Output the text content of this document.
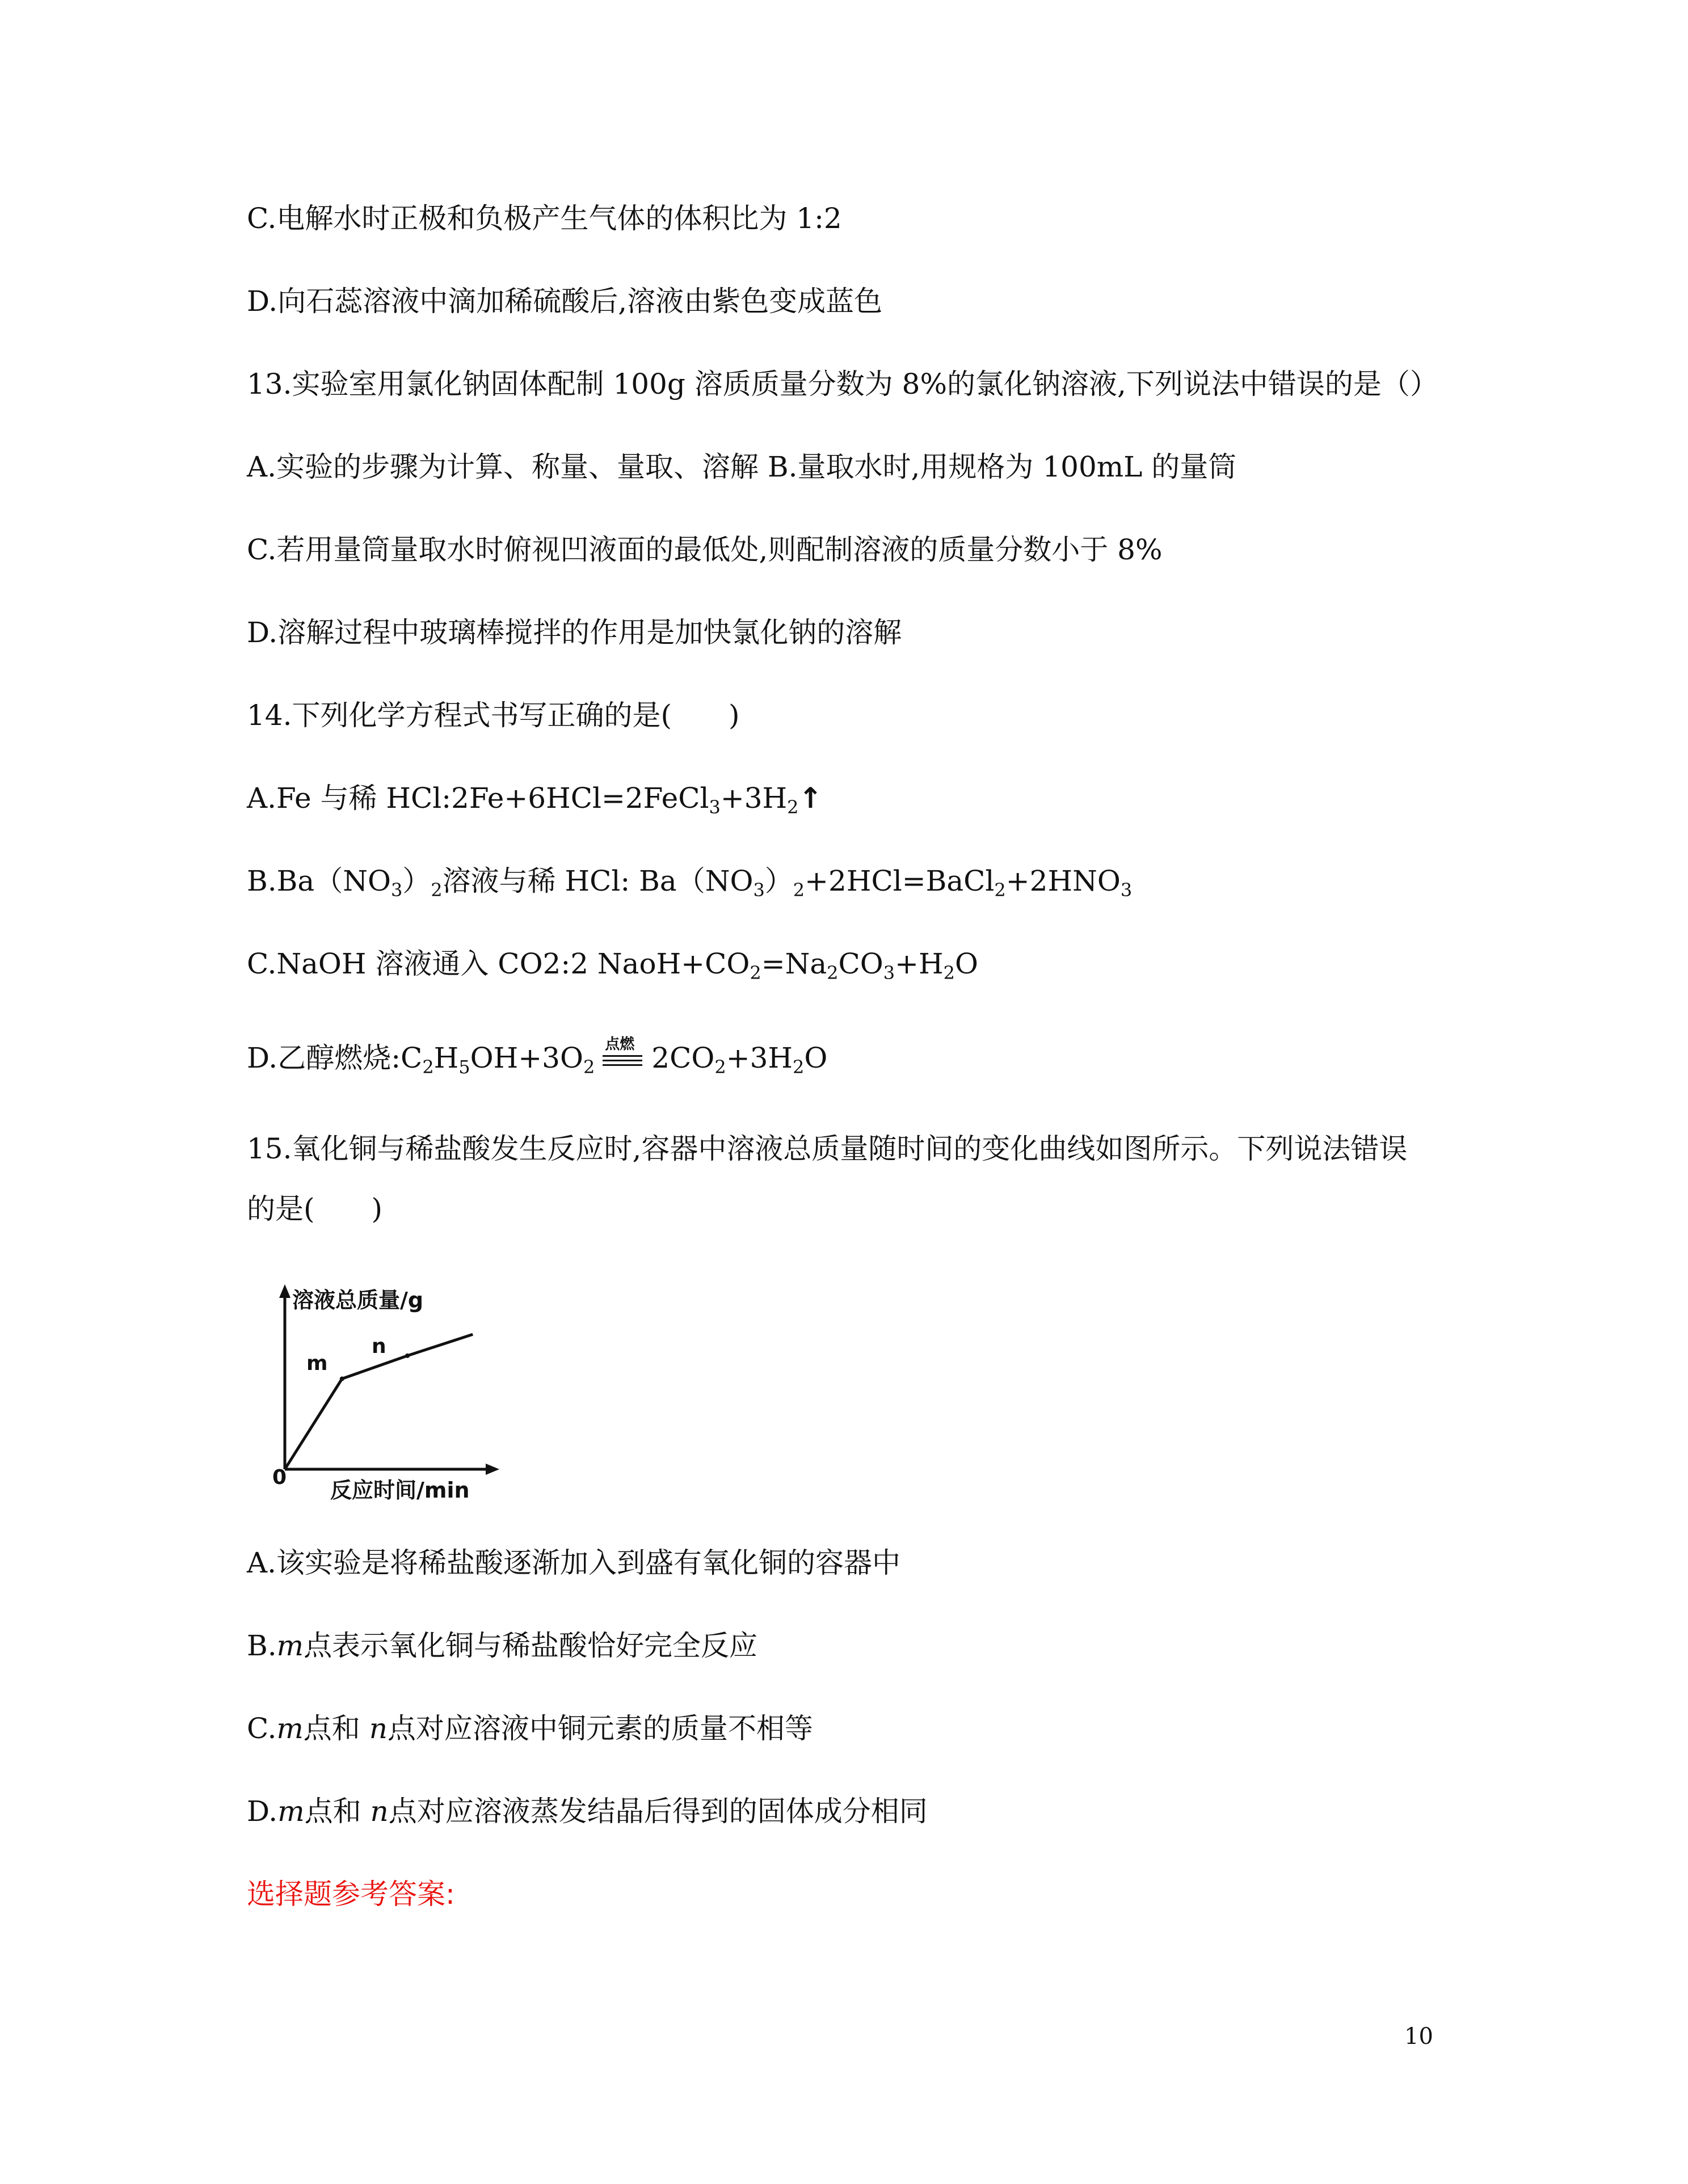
C.电解水时正极和负极产生气体的体积比为 1:2
D.向石蕊溶液中滴加稀硫酸后,溶液由紫色变成蓝色
13.实验室用氯化钠固体配制 100g 溶质质量分数为 8%的氯化钠溶液,下列说法中错误的是（）
A.实验的步骤为计算、称量、量取、溶解 B.量取水时,用规格为 100mL 的量筒
C.若用量筒量取水时俯视凹液面的最低处,则配制溶液的质量分数小于 8%
D.溶解过程中玻璃棒搅拌的作用是加快氯化钠的溶解
14.下列化学方程式书写正确的是(　　)
A.Fe 与稀 $HCl:2Fe+6HCl=2FeCl_3+3H_2↑$
$B.Ba(NO_3)_2$溶液与稀 HCl: $Ba(NO_3)_2+2HCl=BaCl_2+2HNO_3$
C.NaOH 溶液通入 CO2:2 $NaoH+CO_2=Na_2CO_3+H_2O$
D.乙醇燃烧$:C_2H_5OH+3O_2$
点燃 $2CO_2+3H_2O$
15.氧化铜与稀盐酸发生反应时,容器中溶液总质量随时间的变化曲线如图所示。下列说法错误
的是(　　)
溶液总质量/g
反应时间/min
0
m
n
A.该实验是将稀盐酸逐渐加入到盛有氧化铜的容器中
B.m点表示氧化铜与稀盐酸恰好完全反应
C.m点和 n点对应溶液中铜元素的质量不相等
D.m点和 n点对应溶液蒸发结晶后得到的固体成分相同
选择题参考答案:
10
